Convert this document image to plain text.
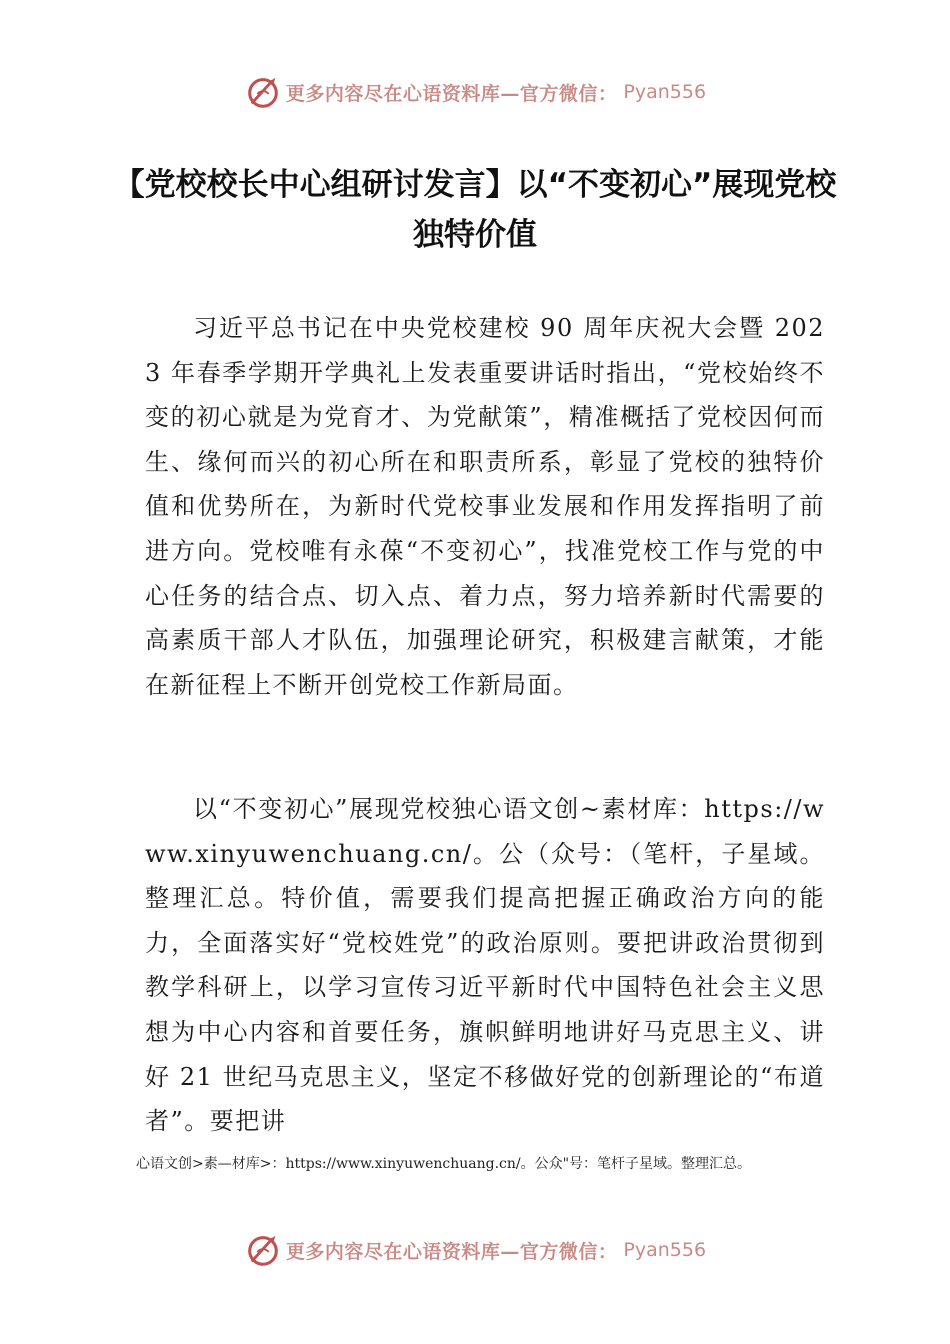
更多内容尽在心语资料库—官方微信： Pyan556
【党校校长中心组研讨发言】以“不变初心”展现党校独特价值

习近平总书记在中央党校建校 90 周年庆祝大会暨 2023 年春季学期开学典礼上发表重要讲话时指出，“党校始终不变的初心就是为党育才、为党献策”，精准概括了党校因何而生、缘何而兴的初心所在和职责所系，彰显了党校的独特价值和优势所在，为新时代党校事业发展和作用发挥指明了前进方向。党校唯有永葆“不变初心”，找准党校工作与党的中心任务的结合点、切入点、着力点，努力培养新时代需要的高素质干部人才队伍，加强理论研究，积极建言献策，才能在新征程上不断开创党校工作新局面。

以“不变初心”展现党校独心语文创~素材库：https://www.xinyuwenchuang.cn/。公（众号：（笔杆，子星域。整理汇总。特价值，需要我们提高把握正确政治方向的能力，全面落实好“党校姓党”的政治原则。要把讲政治贯彻到教学科研上，以学习宣传习近平新时代中国特色社会主义思想为中心内容和首要任务，旗帜鲜明地讲好马克思主义、讲好 21 世纪马克思主义，坚定不移做好党的创新理论的“布道者”。要把讲

心语文创>素—材库>：https://www.xinyuwenchuang.cn/。公众"号：笔杆子星域。整理汇总。
更多内容尽在心语资料库—官方微信： Pyan556
